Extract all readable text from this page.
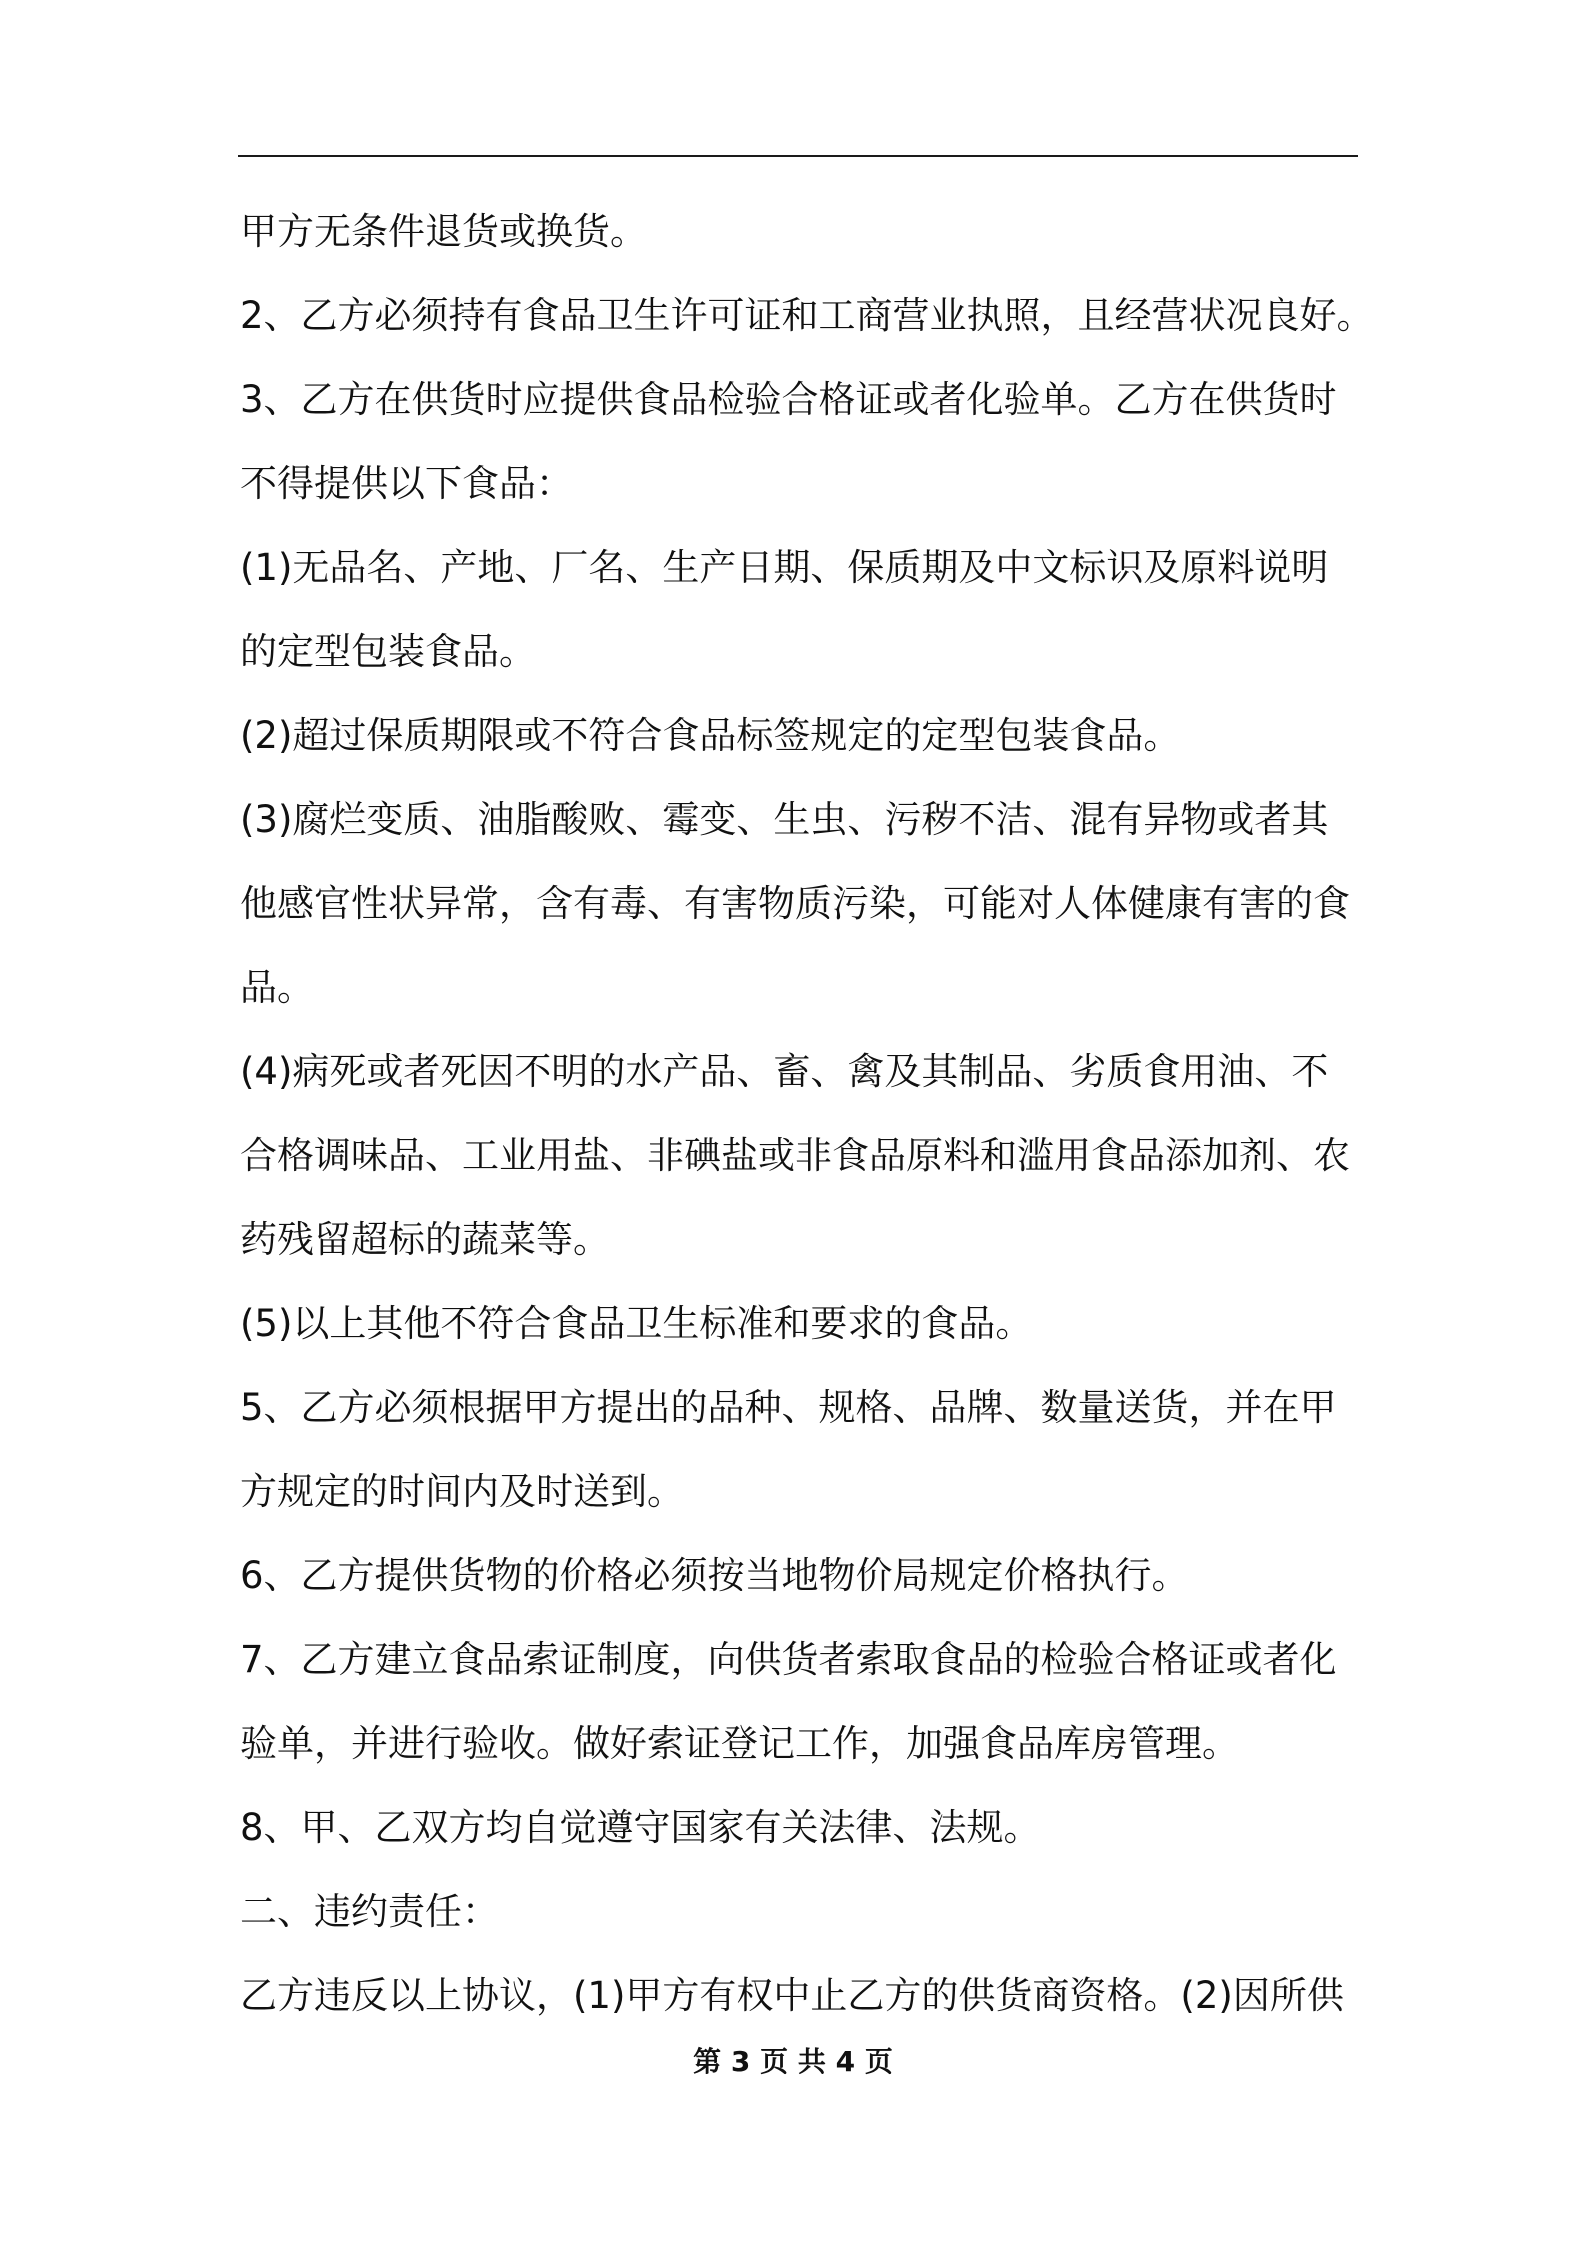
甲方无条件退货或换货。
2、乙方必须持有食品卫生许可证和工商营业执照，且经营状况良好。
3、乙方在供货时应提供食品检验合格证或者化验单。乙方在供货时
不得提供以下食品：
(1)无品名、产地、厂名、生产日期、保质期及中文标识及原料说明
的定型包装食品。
(2)超过保质期限或不符合食品标签规定的定型包装食品。
(3)腐烂变质、油脂酸败、霉变、生虫、污秽不洁、混有异物或者其
他感官性状异常，含有毒、有害物质污染，可能对人体健康有害的食
品。
(4)病死或者死因不明的水产品、畜、禽及其制品、劣质食用油、不
合格调味品、工业用盐、非碘盐或非食品原料和滥用食品添加剂、农
药残留超标的蔬菜等。
(5)以上其他不符合食品卫生标准和要求的食品。
5、乙方必须根据甲方提出的品种、规格、品牌、数量送货，并在甲
方规定的时间内及时送到。
6、乙方提供货物的价格必须按当地物价局规定价格执行。
7、乙方建立食品索证制度，向供货者索取食品的检验合格证或者化
验单，并进行验收。做好索证登记工作，加强食品库房管理。
8、甲、乙双方均自觉遵守国家有关法律、法规。
二、违约责任：
乙方违反以上协议，(1)甲方有权中止乙方的供货商资格。(2)因所供
第 3 页 共 4 页
